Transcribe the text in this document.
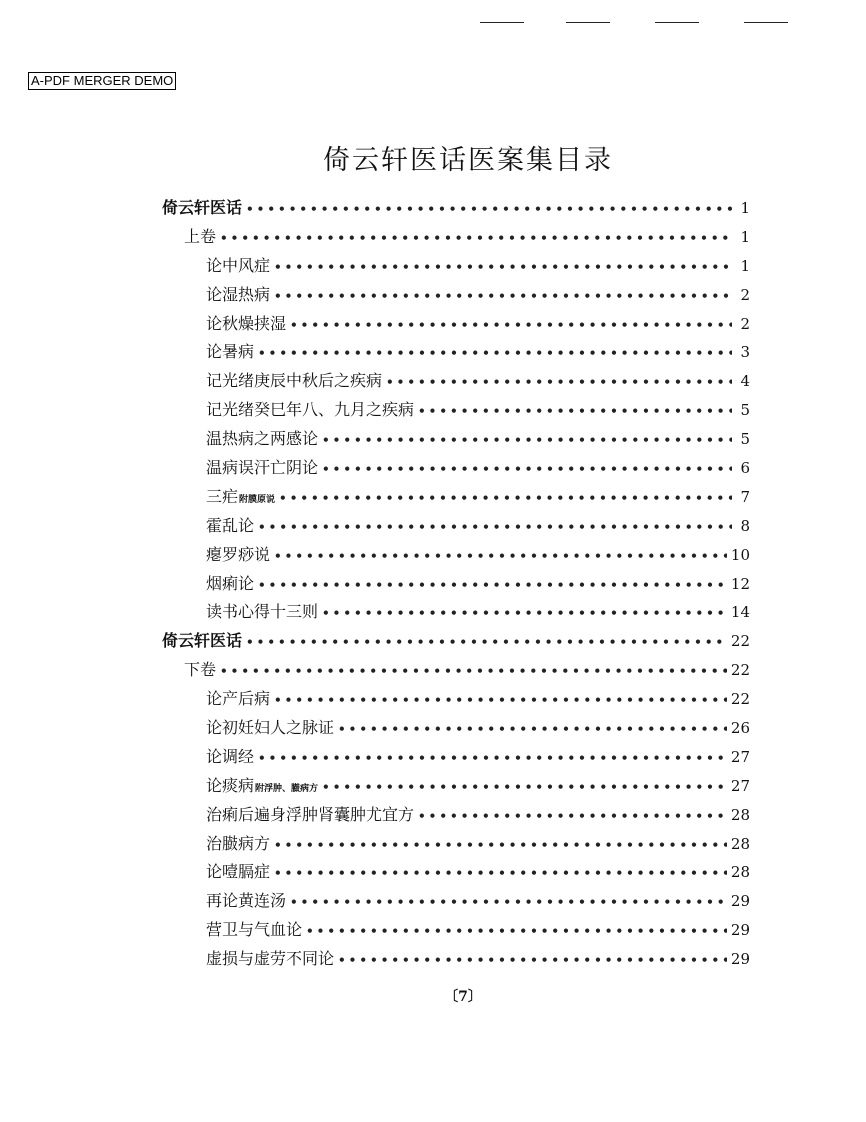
A-PDF MERGER DEMO
倚云轩医话医案集目录
倚云轩医话 •••••	1
上卷 •••••	1
论中风症 •••••	1
论湿热病 •••••	2
论秋燥挟湿 •••••	2
论暑病 •••••	3
记光绪庚辰中秋后之疾病 •••••	4
记光绪癸巳年八、九月之疾病 •••••	5
温热病之两感论 •••••	5
温病误汗亡阴论 •••••	6
三疟附膜原说 •••••	7
霍乱论 •••••	8
瘪罗痧说 •••••	10
烟痢论 •••••	12
读书心得十三则 •••••	14
倚云轩医话 •••••	22
下卷 •••••	22
论产后病 •••••	22
论初妊妇人之脉证 •••••	26
论调经 •••••	27
论痰病附浮肿、臌病方 •••••	27
治痢后遍身浮肿肾囊肿尤宜方 •••••	28
治臌病方 •••••	28
论噎膈症 •••••	28
再论黄连汤 •••••	29
营卫与气血论 •••••	29
虚损与虚劳不同论 •••••	29
〔7〕
